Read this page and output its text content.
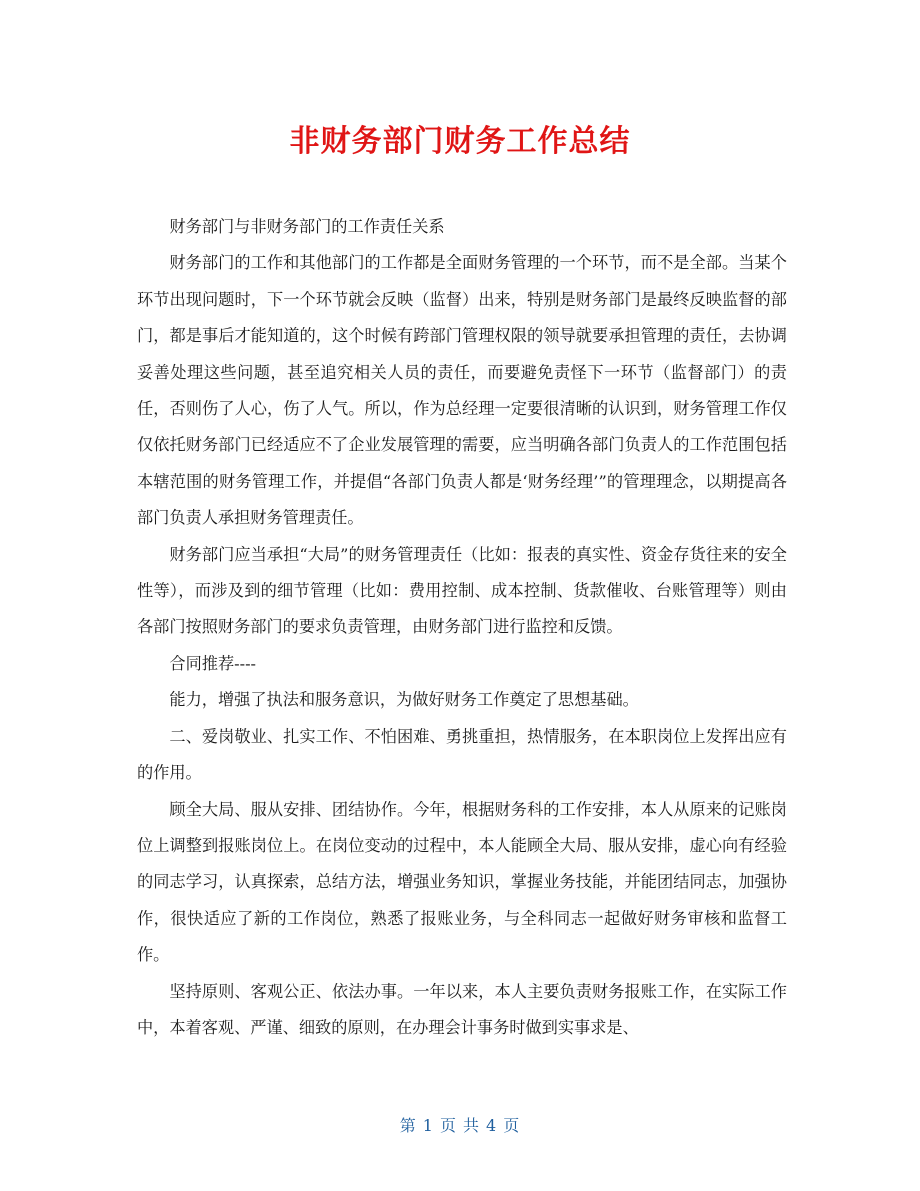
非财务部门财务工作总结

财务部门与非财务部门的工作责任关系

财务部门的工作和其他部门的工作都是全面财务管理的一个环节，而不是全部。当某个环节出现问题时，下一个环节就会反映（监督）出来，特别是财务部门是最终反映监督的部门，都是事后才能知道的，这个时候有跨部门管理权限的领导就要承担管理的责任，去协调妥善处理这些问题，甚至追究相关人员的责任，而要避免责怪下一环节（监督部门）的责任，否则伤了人心，伤了人气。所以，作为总经理一定要很清晰的认识到，财务管理工作仅仅依托财务部门已经适应不了企业发展管理的需要，应当明确各部门负责人的工作范围包括本辖范围的财务管理工作，并提倡“各部门负责人都是‘财务经理’”的管理理念，以期提高各部门负责人承担财务管理责任。

财务部门应当承担“大局”的财务管理责任（比如：报表的真实性、资金存货往来的安全性等），而涉及到的细节管理（比如：费用控制、成本控制、货款催收、台账管理等）则由各部门按照财务部门的要求负责管理，由财务部门进行监控和反馈。

合同推荐----

能力，增强了执法和服务意识，为做好财务工作奠定了思想基础。

二、爱岗敬业、扎实工作、不怕困难、勇挑重担，热情服务，在本职岗位上发挥出应有的作用。

顾全大局、服从安排、团结协作。今年，根据财务科的工作安排，本人从原来的记账岗位上调整到报账岗位上。在岗位变动的过程中，本人能顾全大局、服从安排，虚心向有经验的同志学习，认真探索，总结方法，增强业务知识，掌握业务技能，并能团结同志，加强协作，很快适应了新的工作岗位，熟悉了报账业务，与全科同志一起做好财务审核和监督工作。

坚持原则、客观公正、依法办事。一年以来，本人主要负责财务报账工作，在实际工作中，本着客观、严谨、细致的原则，在办理会计事务时做到实事求是、

第 1 页 共 4 页
